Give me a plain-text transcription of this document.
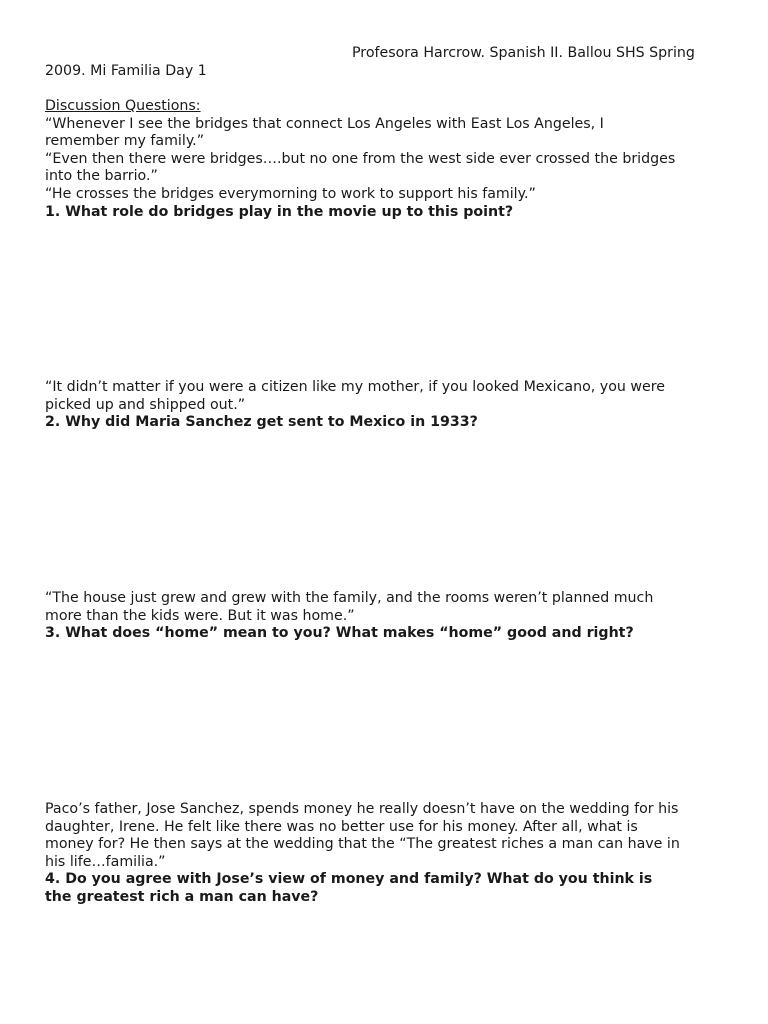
Profesora Harcrow. Spanish II. Ballou SHS Spring
2009. Mi Familia Day 1
Discussion Questions:
“Whenever I see the bridges that connect Los Angeles with East Los Angeles, I
remember my family.”
“Even then there were bridges….but no one from the west side ever crossed the bridges
into the barrio.”
“He crosses the bridges everymorning to work to support his family.”
1. What role do bridges play in the movie up to this point?
“It didn’t matter if you were a citizen like my mother, if you looked Mexicano, you were
picked up and shipped out.”
2. Why did Maria Sanchez get sent to Mexico in 1933?
“The house just grew and grew with the family, and the rooms weren’t planned much
more than the kids were. But it was home.”
3. What does “home” mean to you? What makes “home” good and right?
Paco’s father, Jose Sanchez, spends money he really doesn’t have on the wedding for his
daughter, Irene. He felt like there was no better use for his money. After all, what is
money for? He then says at the wedding that the “The greatest riches a man can have in
his life…familia.”
4. Do you agree with Jose’s view of money and family? What do you think is
the greatest rich a man can have?
